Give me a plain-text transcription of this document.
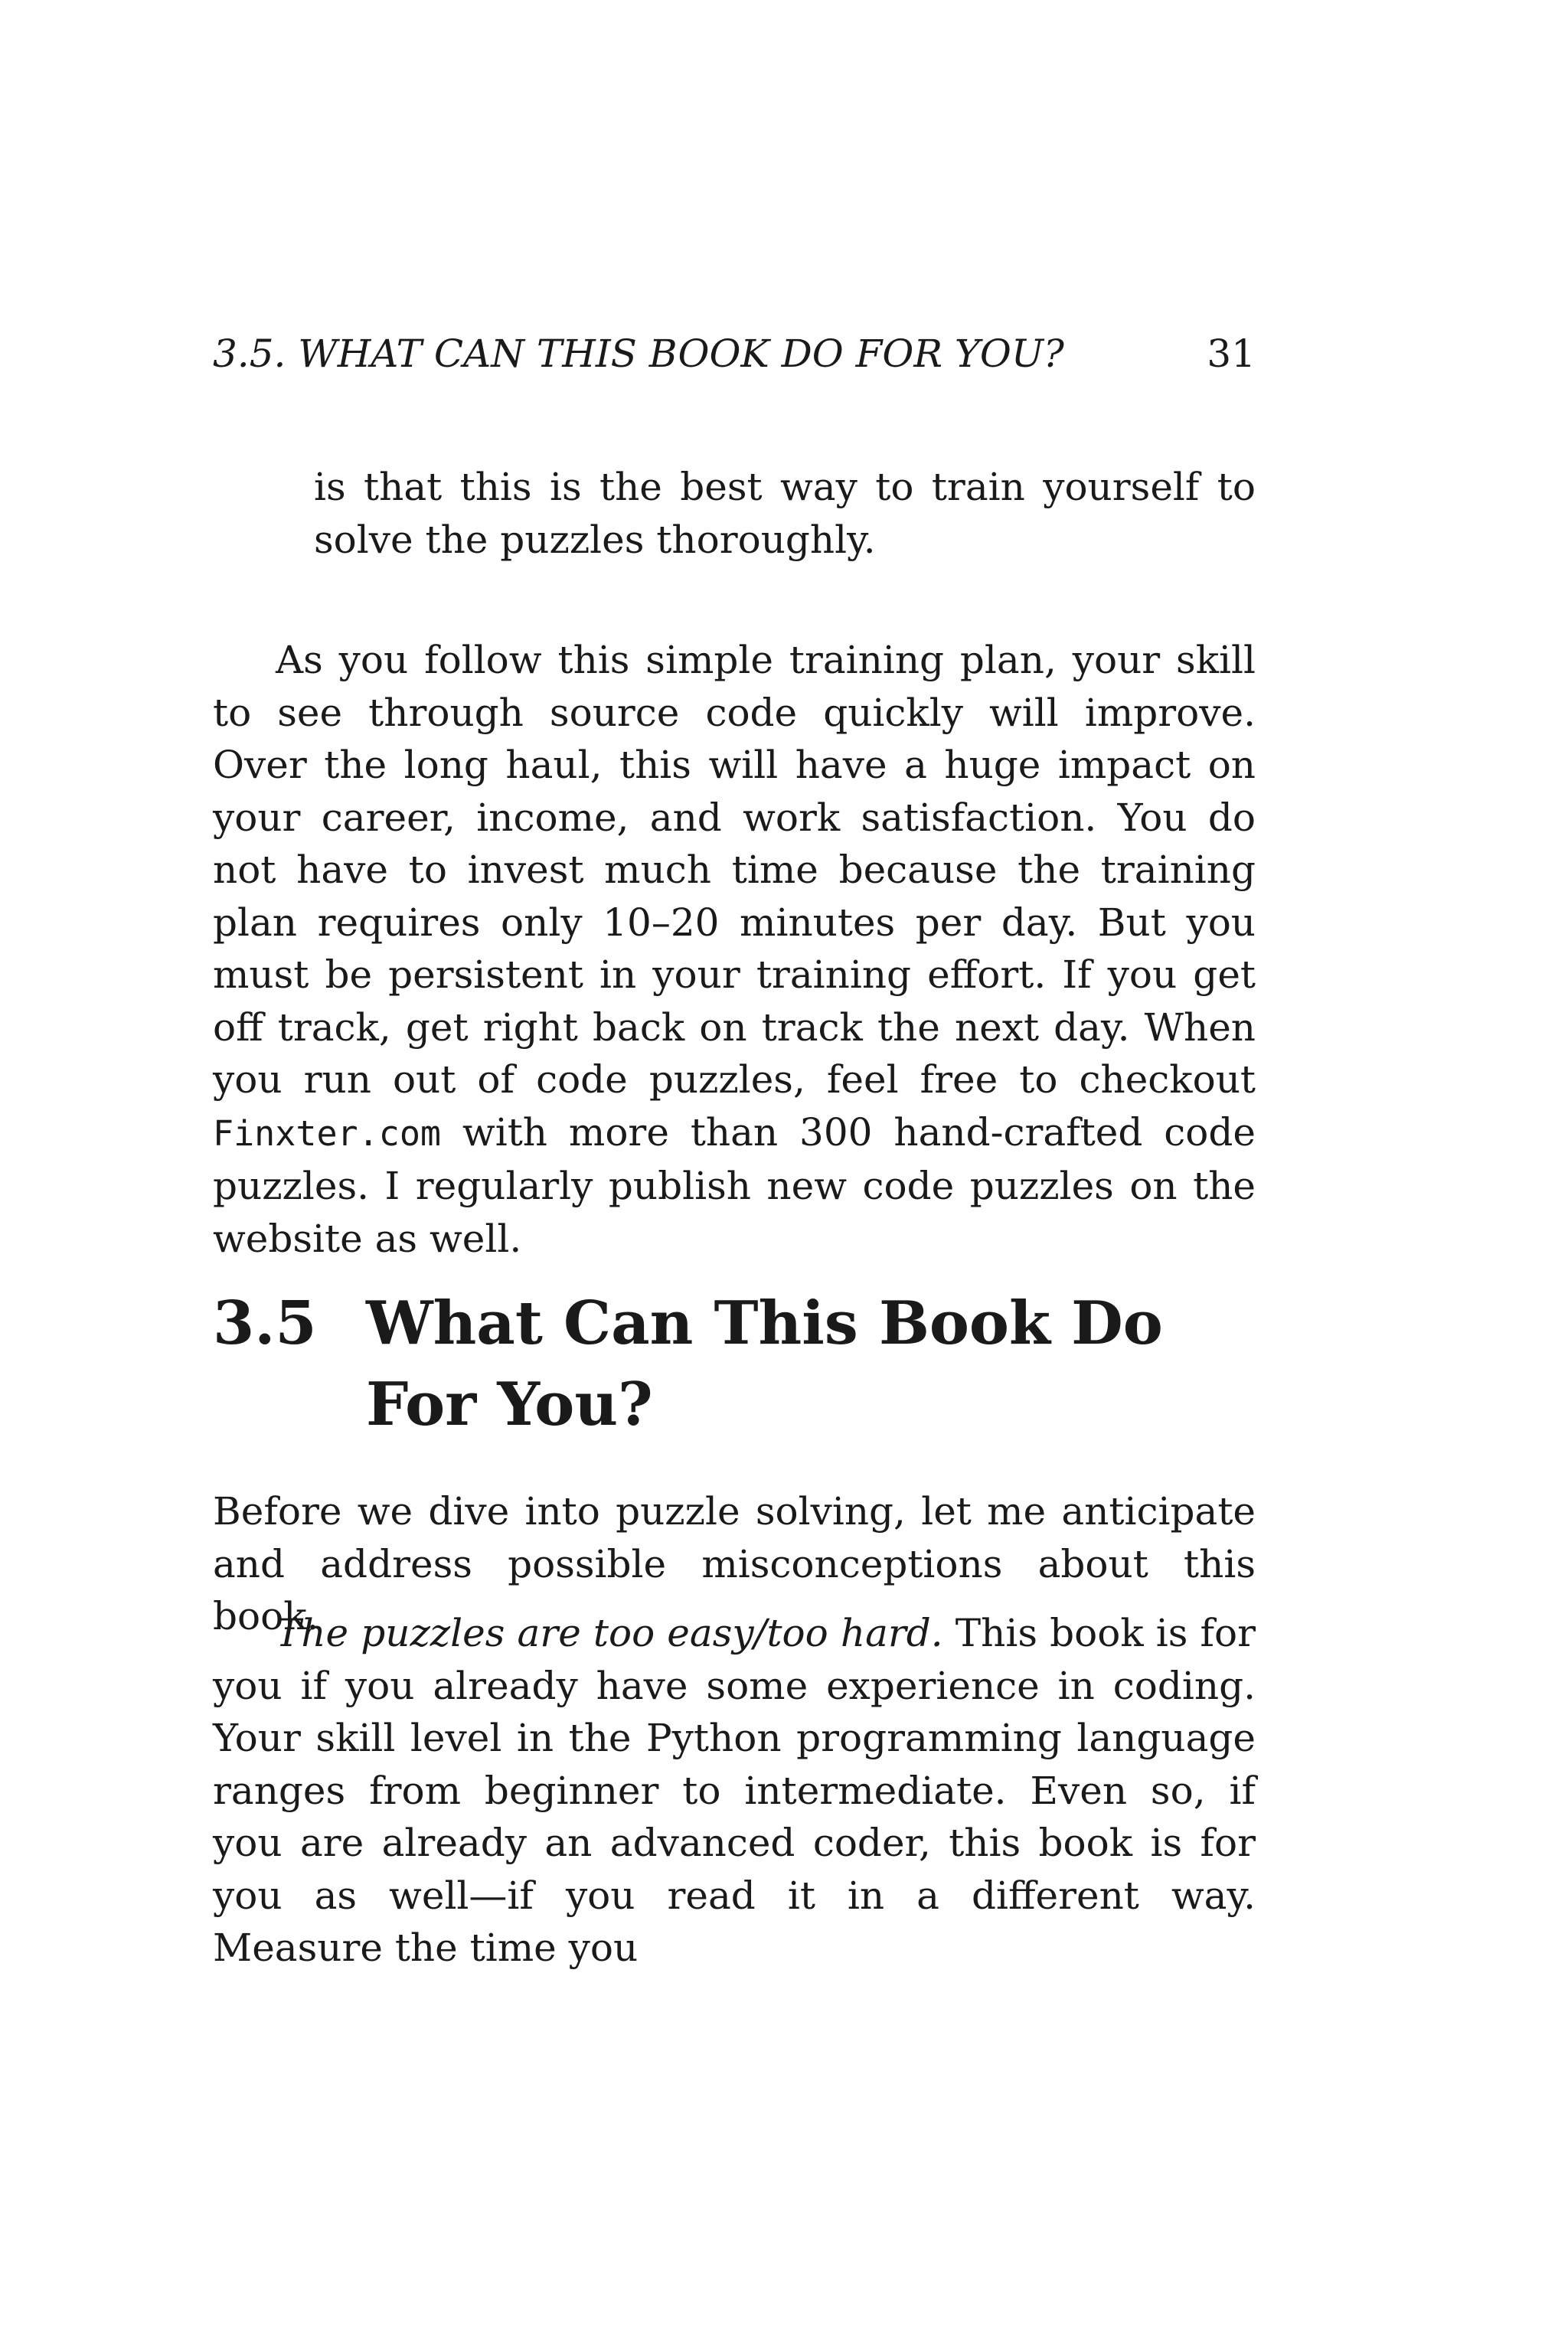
3.5. WHAT CAN THIS BOOK DO FOR YOU?	31

is that this is the best way to train yourself to solve the puzzles thoroughly.

As you follow this simple training plan, your skill to see through source code quickly will improve. Over the long haul, this will have a huge impact on your career, income, and work satisfaction. You do not have to invest much time because the training plan requires only 10–20 minutes per day. But you must be persistent in your training effort. If you get off track, get right back on track the next day. When you run out of code puzzles, feel free to checkout Finxter.com with more than 300 hand-crafted code puzzles. I regularly publish new code puzzles on the website as well.

3.5 What Can This Book Do For You?

Before we dive into puzzle solving, let me anticipate and address possible misconceptions about this book.

The puzzles are too easy/too hard. This book is for you if you already have some experience in coding. Your skill level in the Python programming language ranges from beginner to intermediate. Even so, if you are already an advanced coder, this book is for you as well—if you read it in a different way. Measure the time you
